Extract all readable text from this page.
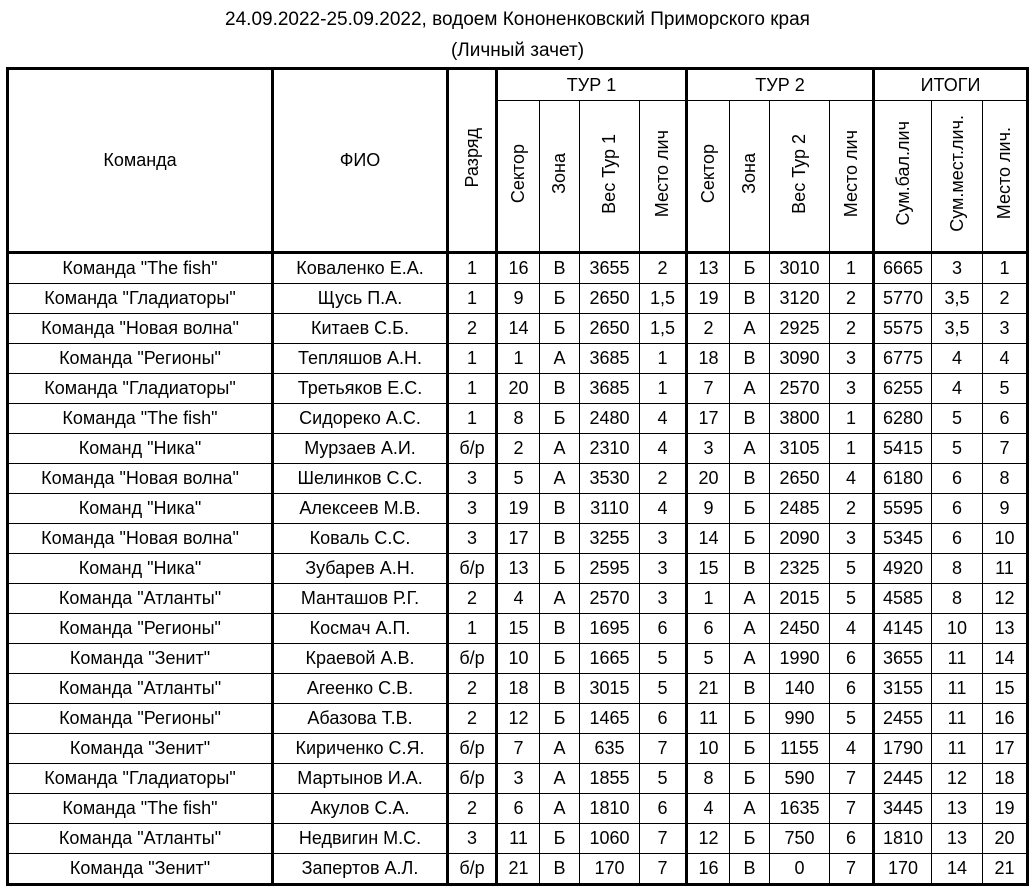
24.09.2022-25.09.2022, водоем Кононенковский Приморского края
(Личный зачет)
Команда	ФИО	Разряд	ТУР 1				ТУР 2				ИТОГИ		
			Сектор	Зона	Вес Тур 1	Место лич	Сектор	Зона	Вес Тур 2	Место лич	Сум.бал.лич	Сум.мест.лич.	Место лич.
Команда "The fish"	Коваленко Е.А.	1	16	В	3655	2	13	Б	3010	1	6665	3	1
Команда "Гладиаторы"	Щусь П.А.	1	9	Б	2650	1,5	19	В	3120	2	5770	3,5	2
Команда "Новая волна"	Китаев С.Б.	2	14	Б	2650	1,5	2	А	2925	2	5575	3,5	3
Команда "Регионы"	Тепляшов А.Н.	1	1	А	3685	1	18	В	3090	3	6775	4	4
Команда "Гладиаторы"	Третьяков Е.С.	1	20	В	3685	1	7	А	2570	3	6255	4	5
Команда "The fish"	Сидореко А.С.	1	8	Б	2480	4	17	В	3800	1	6280	5	6
Команд "Ника"	Мурзаев А.И.	б/р	2	А	2310	4	3	А	3105	1	5415	5	7
Команда "Новая волна"	Шелинков С.С.	3	5	А	3530	2	20	В	2650	4	6180	6	8
Команд "Ника"	Алексеев М.В.	3	19	В	3110	4	9	Б	2485	2	5595	6	9
Команда "Новая волна"	Коваль С.С.	3	17	В	3255	3	14	Б	2090	3	5345	6	10
Команд "Ника"	Зубарев А.Н.	б/р	13	Б	2595	3	15	В	2325	5	4920	8	11
Команда "Атланты"	Манташов Р.Г.	2	4	А	2570	3	1	А	2015	5	4585	8	12
Команда "Регионы"	Космач А.П.	1	15	В	1695	6	6	А	2450	4	4145	10	13
Команда "Зенит"	Краевой А.В.	б/р	10	Б	1665	5	5	А	1990	6	3655	11	14
Команда "Атланты"	Агеенко С.В.	2	18	В	3015	5	21	В	140	6	3155	11	15
Команда "Регионы"	Абазова Т.В.	2	12	Б	1465	6	11	Б	990	5	2455	11	16
Команда "Зенит"	Кириченко С.Я.	б/р	7	А	635	7	10	Б	1155	4	1790	11	17
Команда "Гладиаторы"	Мартынов И.А.	б/р	3	А	1855	5	8	Б	590	7	2445	12	18
Команда "The fish"	Акулов С.А.	2	6	А	1810	6	4	А	1635	7	3445	13	19
Команда "Атланты"	Недвигин М.С.	3	11	Б	1060	7	12	Б	750	6	1810	13	20
Команда "Зенит"	Запертов А.Л.	б/р	21	В	170	7	16	В	0	7	170	14	21
